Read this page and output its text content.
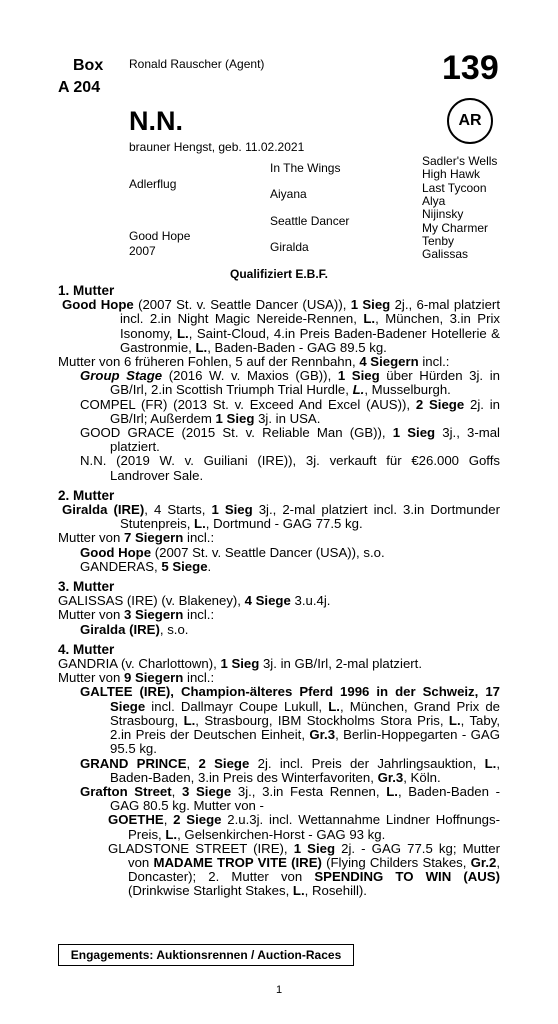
Box
A 204
Ronald Rauscher (Agent)	139
AR
N.N.
brauner Hengst, geb. 11.02.2021
Adlerflug
Good Hope
2007
In The Wings
Aiyana
Seattle Dancer
Giralda
Sadler's Wells
High Hawk
Last Tycoon
Alya
Nijinsky
My Charmer
Tenby
Galissas
Qualifiziert E.B.F.
1. Mutter
Good Hope (2007 St. v. Seattle Dancer (USA)), 1 Sieg 2j., 6-mal platziert incl. 2.in Night Magic Nereide-Rennen, L., München, 3.in Prix Isonomy, L., Saint-Cloud, 4.in Preis Baden-Badener Hotellerie & Gastronmie, L., Baden-Baden - GAG 89.5 kg.
Mutter von 6 früheren Fohlen, 5 auf der Rennbahn, 4 Siegern incl.:
Group Stage (2016 W. v. Maxios (GB)), 1 Sieg über Hürden 3j. in GB/Irl, 2.in Scottish Triumph Trial Hurdle, L., Musselburgh.
COMPEL (FR) (2013 St. v. Exceed And Excel (AUS)), 2 Siege 2j. in GB/Irl; Außerdem 1 Sieg 3j. in USA.
GOOD GRACE (2015 St. v. Reliable Man (GB)), 1 Sieg 3j., 3-mal platziert.
N.N. (2019 W. v. Guiliani (IRE)), 3j. verkauft für €26.000 Goffs Landrover Sale.
2. Mutter
Giralda (IRE), 4 Starts, 1 Sieg 3j., 2-mal platziert incl. 3.in Dortmunder Stutenpreis, L., Dortmund - GAG 77.5 kg.
Mutter von 7 Siegern incl.:
Good Hope (2007 St. v. Seattle Dancer (USA)), s.o.
GANDERAS, 5 Siege.
3. Mutter
GALISSAS (IRE) (v. Blakeney), 4 Siege 3.u.4j.
Mutter von 3 Siegern incl.:
Giralda (IRE), s.o.
4. Mutter
GANDRIA (v. Charlottown), 1 Sieg 3j. in GB/Irl, 2-mal platziert.
Mutter von 9 Siegern incl.:
GALTEE (IRE), Champion-älteres Pferd 1996 in der Schweiz, 17 Siege incl. Dallmayr Coupe Lukull, L., München, Grand Prix de Strasbourg, L., Strasbourg, IBM Stockholms Stora Pris, L., Taby, 2.in Preis der Deutschen Einheit, Gr.3, Berlin-Hoppegarten - GAG 95.5 kg.
GRAND PRINCE, 2 Siege 2j. incl. Preis der Jahrlingsauktion, L., Baden-Baden, 3.in Preis des Winterfavoriten, Gr.3, Köln.
Grafton Street, 3 Siege 3j., 3.in Festa Rennen, L., Baden-Baden - GAG 80.5 kg. Mutter von -
GOETHE, 2 Siege 2.u.3j. incl. Wettannahme Lindner Hoffnungs-Preis, L., Gelsenkirchen-Horst - GAG 93 kg.
GLADSTONE STREET (IRE), 1 Sieg 2j. - GAG 77.5 kg; Mutter von MADAME TROP VITE (IRE) (Flying Childers Stakes, Gr.2, Doncaster); 2. Mutter von SPENDING TO WIN (AUS) (Drinkwise Starlight Stakes, L., Rosehill).
Engagements: Auktionsrennen / Auction-Races
1
